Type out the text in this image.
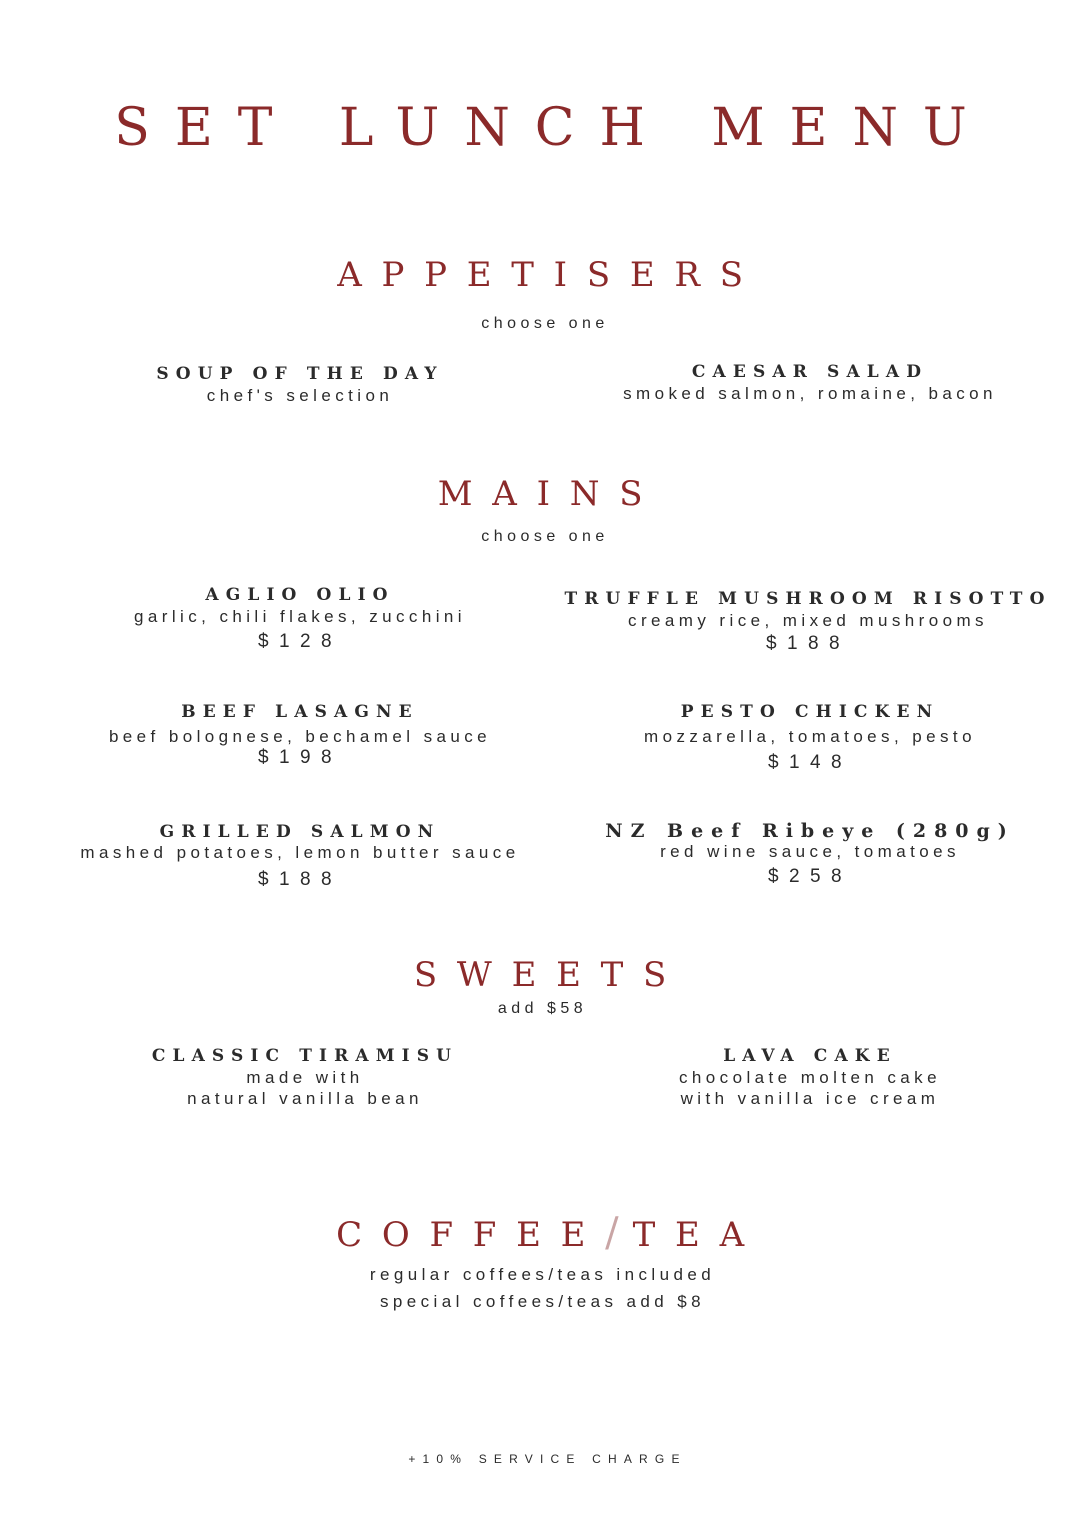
SET LUNCH MENU
APPETISERS
choose one
SOUP OF THE DAY
chef's selection
CAESAR SALAD
smoked salmon, romaine, bacon
MAINS
choose one
AGLIO OLIO
garlic, chili flakes, zucchini
$128
TRUFFLE MUSHROOM RISOTTO
creamy rice, mixed mushrooms
$188
BEEF LASAGNE
beef bolognese, bechamel sauce
$198
PESTO CHICKEN
mozzarella, tomatoes, pesto
$148
GRILLED SALMON
mashed potatoes, lemon butter sauce
$188
NZ Beef Ribeye (280g)
red wine sauce, tomatoes
$258
SWEETS
add $58
CLASSIC TIRAMISU
made with
natural vanilla bean
LAVA CAKE
chocolate molten cake
with vanilla ice cream
COFFEE/TEA
regular coffees/teas included
special coffees/teas add $8
+10% SERVICE CHARGE
